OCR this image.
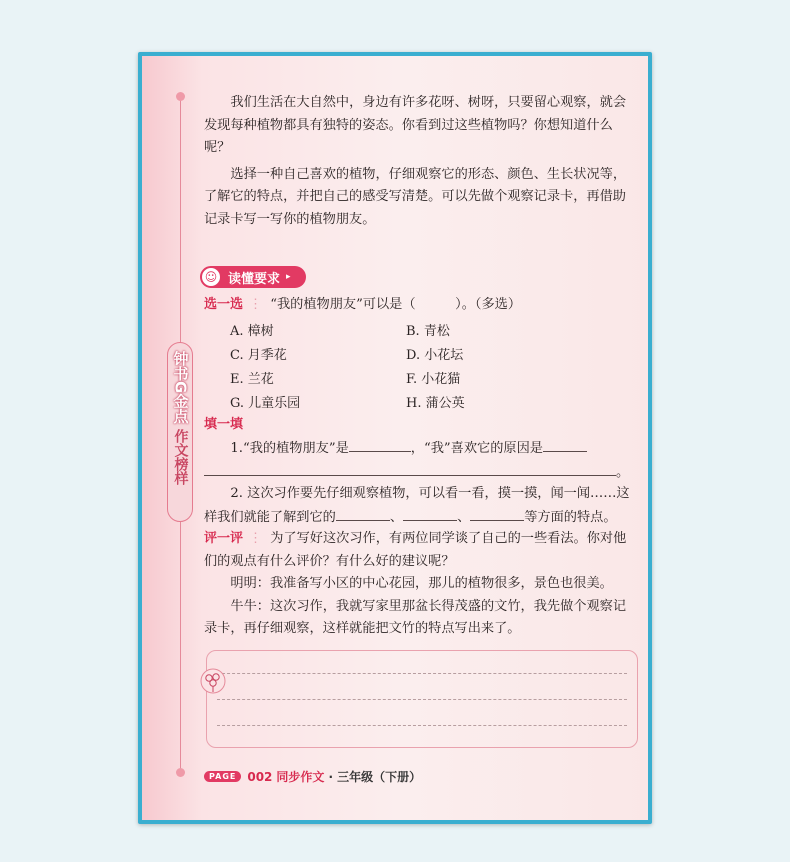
钟书
G金点
作文榜样

我们生活在大自然中，身边有许多花呀、树呀，只要留心观察，就会发现每种植物都具有独特的姿态。你看到过这些植物吗？你想知道什么呢？

选择一种自己喜欢的植物，仔细观察它的形态、颜色、生长状况等，了解它的特点，并把自己的感受写清楚。可以先做个观察记录卡，再借助记录卡写一写你的植物朋友。

☺ 读懂要求 ▸
选一选 ⋮ “我的植物朋友”可以是（　　　）。（多选）
A. 樟树	B. 青松
C. 月季花	D. 小花坛
E. 兰花	F. 小花猫
G. 儿童乐园	H. 蒲公英
填一填
1.“我的植物朋友”是	，“我”喜欢它的原因是
。
2. 这次习作要先仔细观察植物，可以看一看，摸一摸，闻一闻……这样我们就能了解到它的	、	、	等方面的特点。
评一评 ⋮ 为了写好这次习作，有两位同学谈了自己的一些看法。你对他们的观点有什么评价？有什么好的建议呢？

明明：我准备写小区的中心花园，那儿的植物很多，景色也很美。

牛牛：这次习作，我就写家里那盆长得茂盛的文竹，我先做个观察记录卡，再仔细观察，这样就能把文竹的特点写出来了。

PAGE 002 同步作文 · 三年级（下册）
